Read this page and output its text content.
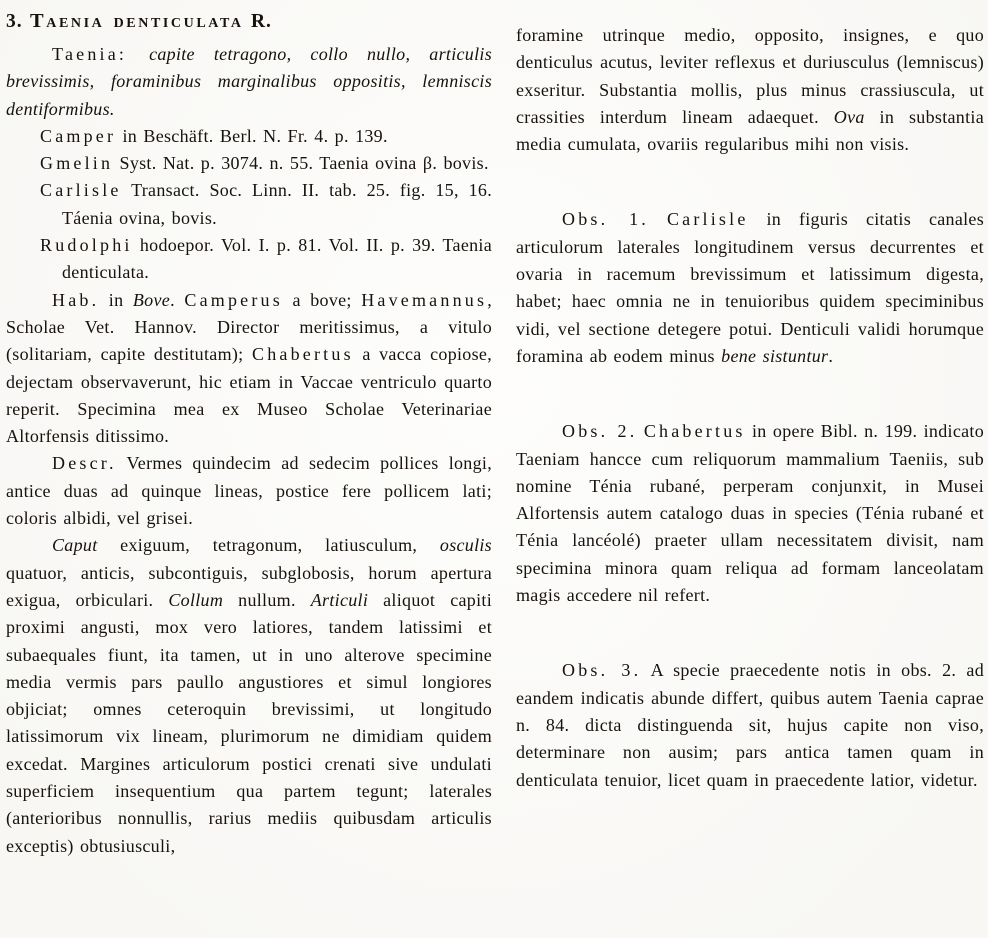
3. Taenia denticulata R.

Taenia: capite tetragono, collo nullo, articulis brevissimis, foraminibus marginalibus oppositis, lemniscis dentiformibus.

Camper in Beschäft. Berl. N. Fr. 4. p. 139.

Gmelin Syst. Nat. p. 3074. n. 55. Taenia ovina β. bovis.

Carlisle Transact. Soc. Linn. II. tab. 25. fig. 15, 16. Táenia ovina, bovis.

Rudolphi hodoepor. Vol. I. p. 81. Vol. II. p. 39. Taenia denticulata.

Hab. in Bove. Camperus a bove; Havemannus, Scholae Vet. Hannov. Director meritissimus, a vitulo (solitariam, capite destitutam); Chabertus a vacca copiose, dejectam observaverunt, hic etiam in Vaccae ventriculo quarto reperit. Specimina mea ex Museo Scholae Veterinariae Altorfensis ditissimo.

Descr. Vermes quindecim ad sedecim pollices longi, antice duas ad quinque lineas, postice fere pollicem lati; coloris albidi, vel grisei.

Caput exiguum, tetragonum, latiusculum, osculis quatuor, anticis, subcontiguis, subglobosis, horum apertura exigua, orbiculari. Collum nullum. Articuli aliquot capiti proximi angusti, mox vero latiores, tandem latissimi et subaequales fiunt, ita tamen, ut in uno alterove specimine media vermis pars paullo angustiores et simul longiores objiciat; omnes ceteroquin brevissimi, ut longitudo latissimorum vix lineam, plurimorum ne dimidiam quidem excedat. Margines articulorum postici crenati sive undulati superficiem insequentium qua partem tegunt; laterales (anterioribus nonnullis, rarius mediis quibusdam articulis exceptis) obtusiusculi,

foramine utrinque medio, opposito, insignes, e quo denticulus acutus, leviter reflexus et duriusculus (lemniscus) exseritur. Substantia mollis, plus minus crassiuscula, ut crassities interdum lineam adaequet. Ova in substantia media cumulata, ovariis regularibus mihi non visis.

Obs. 1. Carlisle in figuris citatis canales articulorum laterales longitudinem versus decurrentes et ovaria in racemum brevissimum et latissimum digesta, habet; haec omnia ne in tenuioribus quidem speciminibus vidi, vel sectione detegere potui. Denticuli validi horumque foramina ab eodem minus bene sistuntur.

Obs. 2. Chabertus in opere Bibl. n. 199. indicato Taeniam hancce cum reliquorum mammalium Taeniis, sub nomine Ténia rubané, perperam conjunxit, in Musei Alfortensis autem catalogo duas in species (Ténia rubané et Ténia lancéolé) praeter ullam necessitatem divisit, nam specimina minora quam reliqua ad formam lanceolatam magis accedere nil refert.

Obs. 3. A specie praecedente notis in obs. 2. ad eandem indicatis abunde differt, quibus autem Taenia caprae n. 84. dicta distinguenda sit, hujus capite non viso, determinare non ausim; pars antica tamen quam in denticulata tenuior, licet quam in praecedente latior, videtur.
